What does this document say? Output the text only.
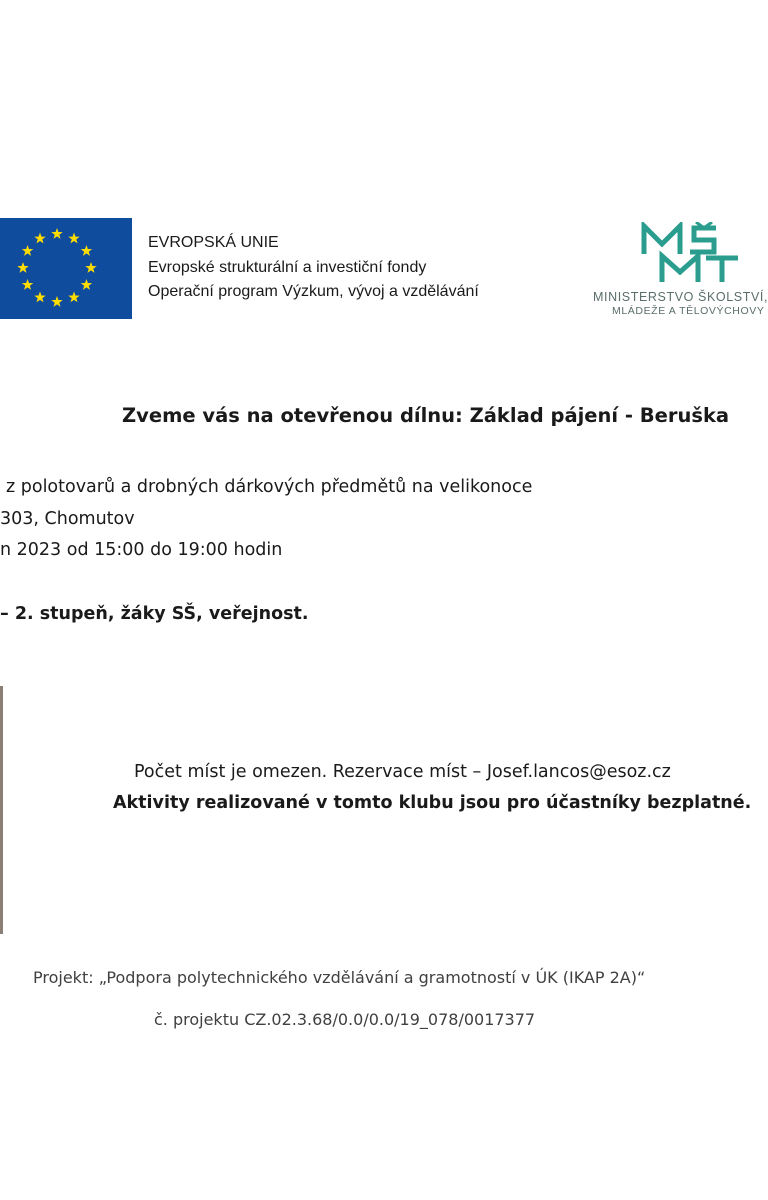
EVROPSKÁ UNIE
Evropské strukturální a investiční fondy
Operační program Výzkum, vývoj a vzdělávání	MINISTERSTVO ŠKOLSTVÍ,
MLÁDEŽE A TĚLOVÝCHOVY
Zveme vás na otevřenou dílnu: Základ pájení - Beruška
z polotovarů a drobných dárkových předmětů na velikonoce
303, Chomutov
n 2023 od 15:00 do 19:00 hodin
– 2. stupeň, žáky SŠ, veřejnost.
Počet míst je omezen. Rezervace míst – Josef.lancos@esoz.cz
Aktivity realizované v tomto klubu jsou pro účastníky bezplatné.
Projekt: „Podpora polytechnického vzdělávání a gramotností v ÚK (IKAP 2A)“
č. projektu CZ.02.3.68/0.0/0.0/19_078/0017377
